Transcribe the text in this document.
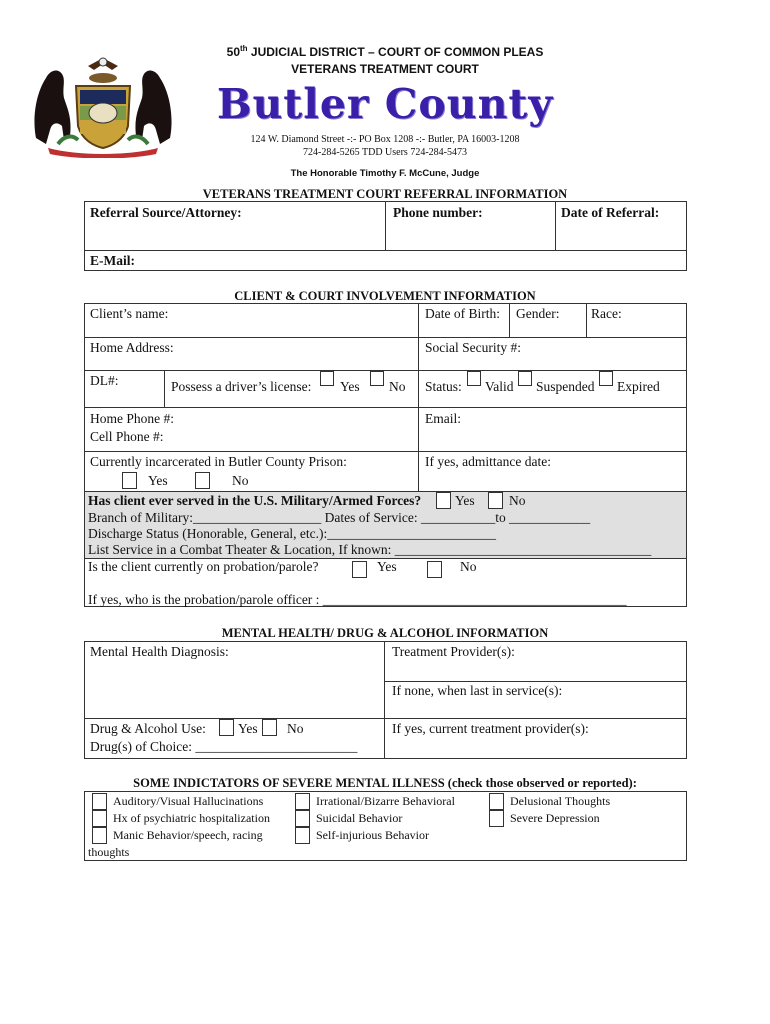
50th JUDICIAL DISTRICT – COURT OF COMMON PLEAS
VETERANS TREATMENT COURT
Butler County
124 W. Diamond Street -:- PO Box 1208 -:- Butler, PA 16003-1208
724-284-5265 TDD Users 724-284-5473
The Honorable Timothy F. McCune, Judge
VETERANS TREATMENT COURT REFERRAL INFORMATION
Referral Source/Attorney:	Phone number:	Date of Referral:
E-Mail:
CLIENT & COURT INVOLVEMENT INFORMATION
Client’s name:	Date of Birth: Gender: Race:
Home Address:	Social Security #:
DL#:	Possess a driver’s license: Yes No Status: Valid Suspended Expired
Home Phone #:
Cell Phone #:
Email:
Currently incarcerated in Butler County Prison:	If yes, admittance date:
Yes	No
Has client ever served in the U.S. Military/Armed Forces?	Yes	No
Branch of Military:___________________ Dates of Service: ___________to ____________
Discharge Status (Honorable, General, etc.):_________________________
List Service in a Combat Theater & Location, If known: ______________________________________
Is the client currently on probation/parole?	Yes	No
If yes, who is the probation/parole officer : _____________________________________________
MENTAL HEALTH/ DRUG & ALCOHOL INFORMATION
Mental Health Diagnosis:	Treatment Provider(s):
If none, when last in service(s):
Drug & Alcohol Use: Yes No
Drug(s) of Choice: ________________________
If yes, current treatment provider(s):
SOME INDICTATORS OF SEVERE MENTAL ILLNESS (check those observed or reported):
Auditory/Visual Hallucinations
Hx of psychiatric hospitalization
Manic Behavior/speech, racing
thoughts
Irrational/Bizarre Behavioral
Suicidal Behavior
Self-injurious Behavior
Delusional Thoughts
Severe Depression
